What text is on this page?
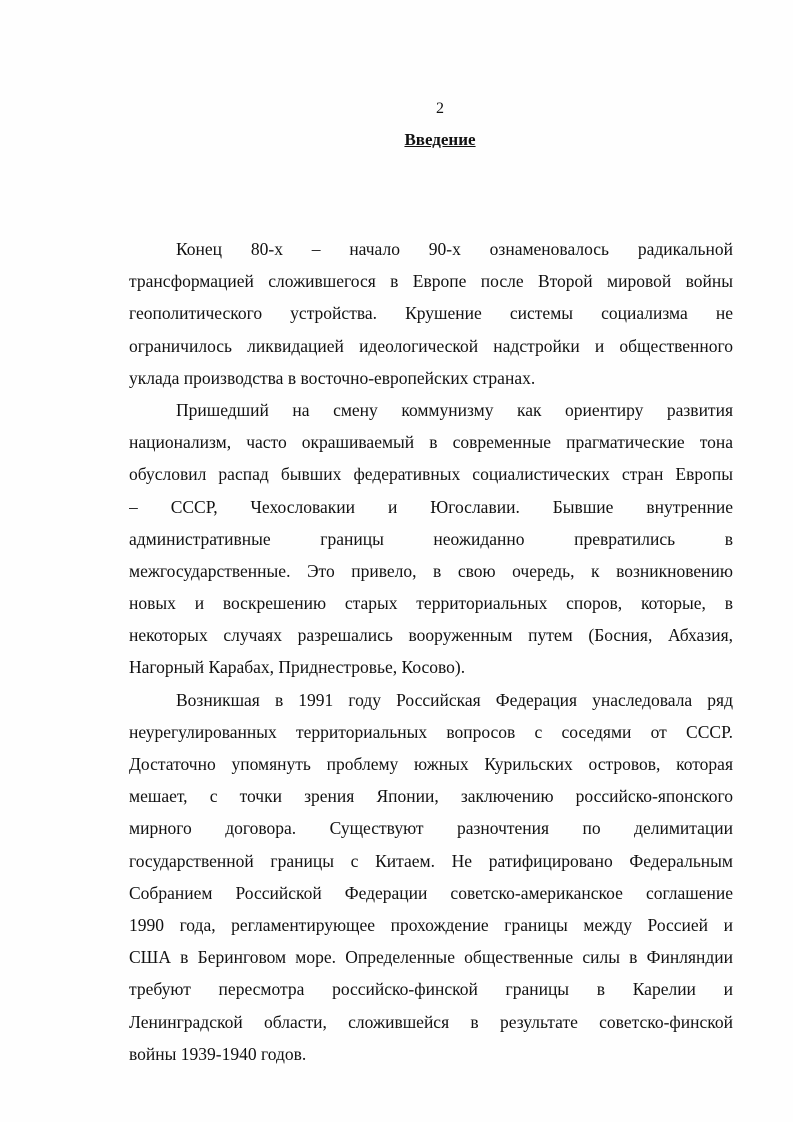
2
Введение
Конец 80-х – начало 90-х ознаменовалось радикальной
трансформацией сложившегося в Европе после Второй мировой войны
геополитического устройства. Крушение системы социализма не
ограничилось ликвидацией идеологической надстройки и общественного
уклада производства в восточно-европейских странах.
Пришедший на смену коммунизму как ориентиру развития
национализм, часто окрашиваемый в современные прагматические тона
обусловил распад бывших федеративных социалистических стран Европы
– СССР, Чехословакии и Югославии. Бывшие внутренние
административные границы неожиданно превратились в
межгосударственные. Это привело, в свою очередь, к возникновению
новых и воскрешению старых территориальных споров, которые, в
некоторых случаях разрешались вооруженным путем (Босния, Абхазия,
Нагорный Карабах, Приднестровье, Косово).
Возникшая в 1991 году Российская Федерация унаследовала ряд
неурегулированных территориальных вопросов с соседями от СССР.
Достаточно упомянуть проблему южных Курильских островов, которая
мешает, с точки зрения Японии, заключению российско-японского
мирного договора. Существуют разночтения по делимитации
государственной границы с Китаем. Не ратифицировано Федеральным
Собранием Российской Федерации советско-американское соглашение
1990 года, регламентирующее прохождение границы между Россией и
США в Беринговом море. Определенные общественные силы в Финляндии
требуют пересмотра российско-финской границы в Карелии и
Ленинградской области, сложившейся в результате советско-финской
войны 1939-1940 годов.
